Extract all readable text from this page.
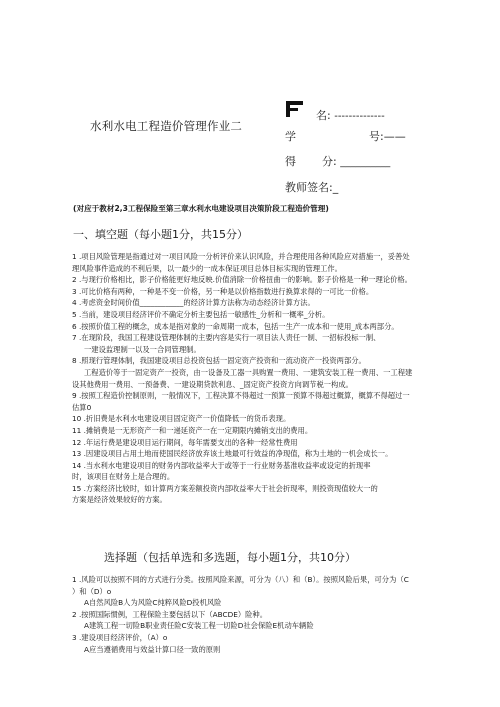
水利水电工程造价管理作业二
名: --------------
学	号:——
得 分: __________
教师签名:_
(对应于教材2,3工程保险至第三章水利水电建设项目决策阶段工程造价管理)
一、填空题（每小题1分，共15分）

1 .项目风险管理是指通过对一项目风险一分析评价来认识风险，并合理使用各种风险应对措施一，妥善处

理风险事件造成的不利后果，以一最少的一成本保证项目总体目标实现的管理工作。

2 .与现行价格相比，影子价格能更好地反映.价值消除一价格扭曲一的影响。影子价格是一种一理论价格。

3 .可比价格有两种，一种是不变一价格，另一种是以价格指数进行换算求得的一可比一价格。

4 .考虑资金时间价值____________的经济计算方法称为动态经济计算方法。

5 .当前，建设项目经济评价不确定分析主要包括一敏感性_分析和一概率_分析。

6 .按照价值工程的概念，成本是指对象的一命周期一成本，包括一生产一成本和一使用_成本两部分。

7 .在现阶段，我国工程建设管理体制的主要内容是实行一项目法人责任一制、一招标投标一制、

一建设监理制一以及一合同管理制。

8 .照现行管理体制，我国建设项目总投资包括一固定资产投资和一流动资产一投资两部分。

工程造价等于一固定资产一投资，由一设备及工器一具购置一费用、一建筑安装工程一费用、一工程建

设其他费用一费用、一预备费、一建设期贷款利息、_固定资产投资方向调节税一构成。

9 .按照工程造价控制原则，一般情况下，工程决算不得超过一预算一预算不得超过概算，概算不得超过一

估算0

10 .折旧费是水利水电建设项目固定资产一价值降低一的货币表现。

11 .摊销费是一无形资产一和一递延资产一在一定期限内摊销支出的费用。

12 .年运行费是建设项目运行期间，每年需要支出的各种一经常性费用

13 .因建设项目占用土地而使国民经济放弃该土地最可行效益的净现值，称为土地的一机会成长一。

14 .当水利水电建设项目的财务内部收益率大于或等于一行业财务基准收益率或设定的折现率

时，该项目在财务上是合理的。

15 .方案经济比较时，如计算两方案差额投资内部收益率大于社会折现率，则投资现值较大一的

方案是经济效果较好的方案。

选择题（包括单选和多选题，每小题1分，共10分）

1 .风险可以按照不同的方式进行分类。按照风险来源，可分为（八）和（B）。按照风险后果，可分为（C

）和（D）o

A自然风险B人为风险C纯粹风险D投机风险

2 .按照国际惯例，工程保险主要包括以下（ABCDE）险种。

A建筑工程一切险B职业责任险C安装工程一切险D社会保险E机动车辆险

3 .建设项目经济评价，（A）o

A应当遵循费用与效益计算口径一致的原则
